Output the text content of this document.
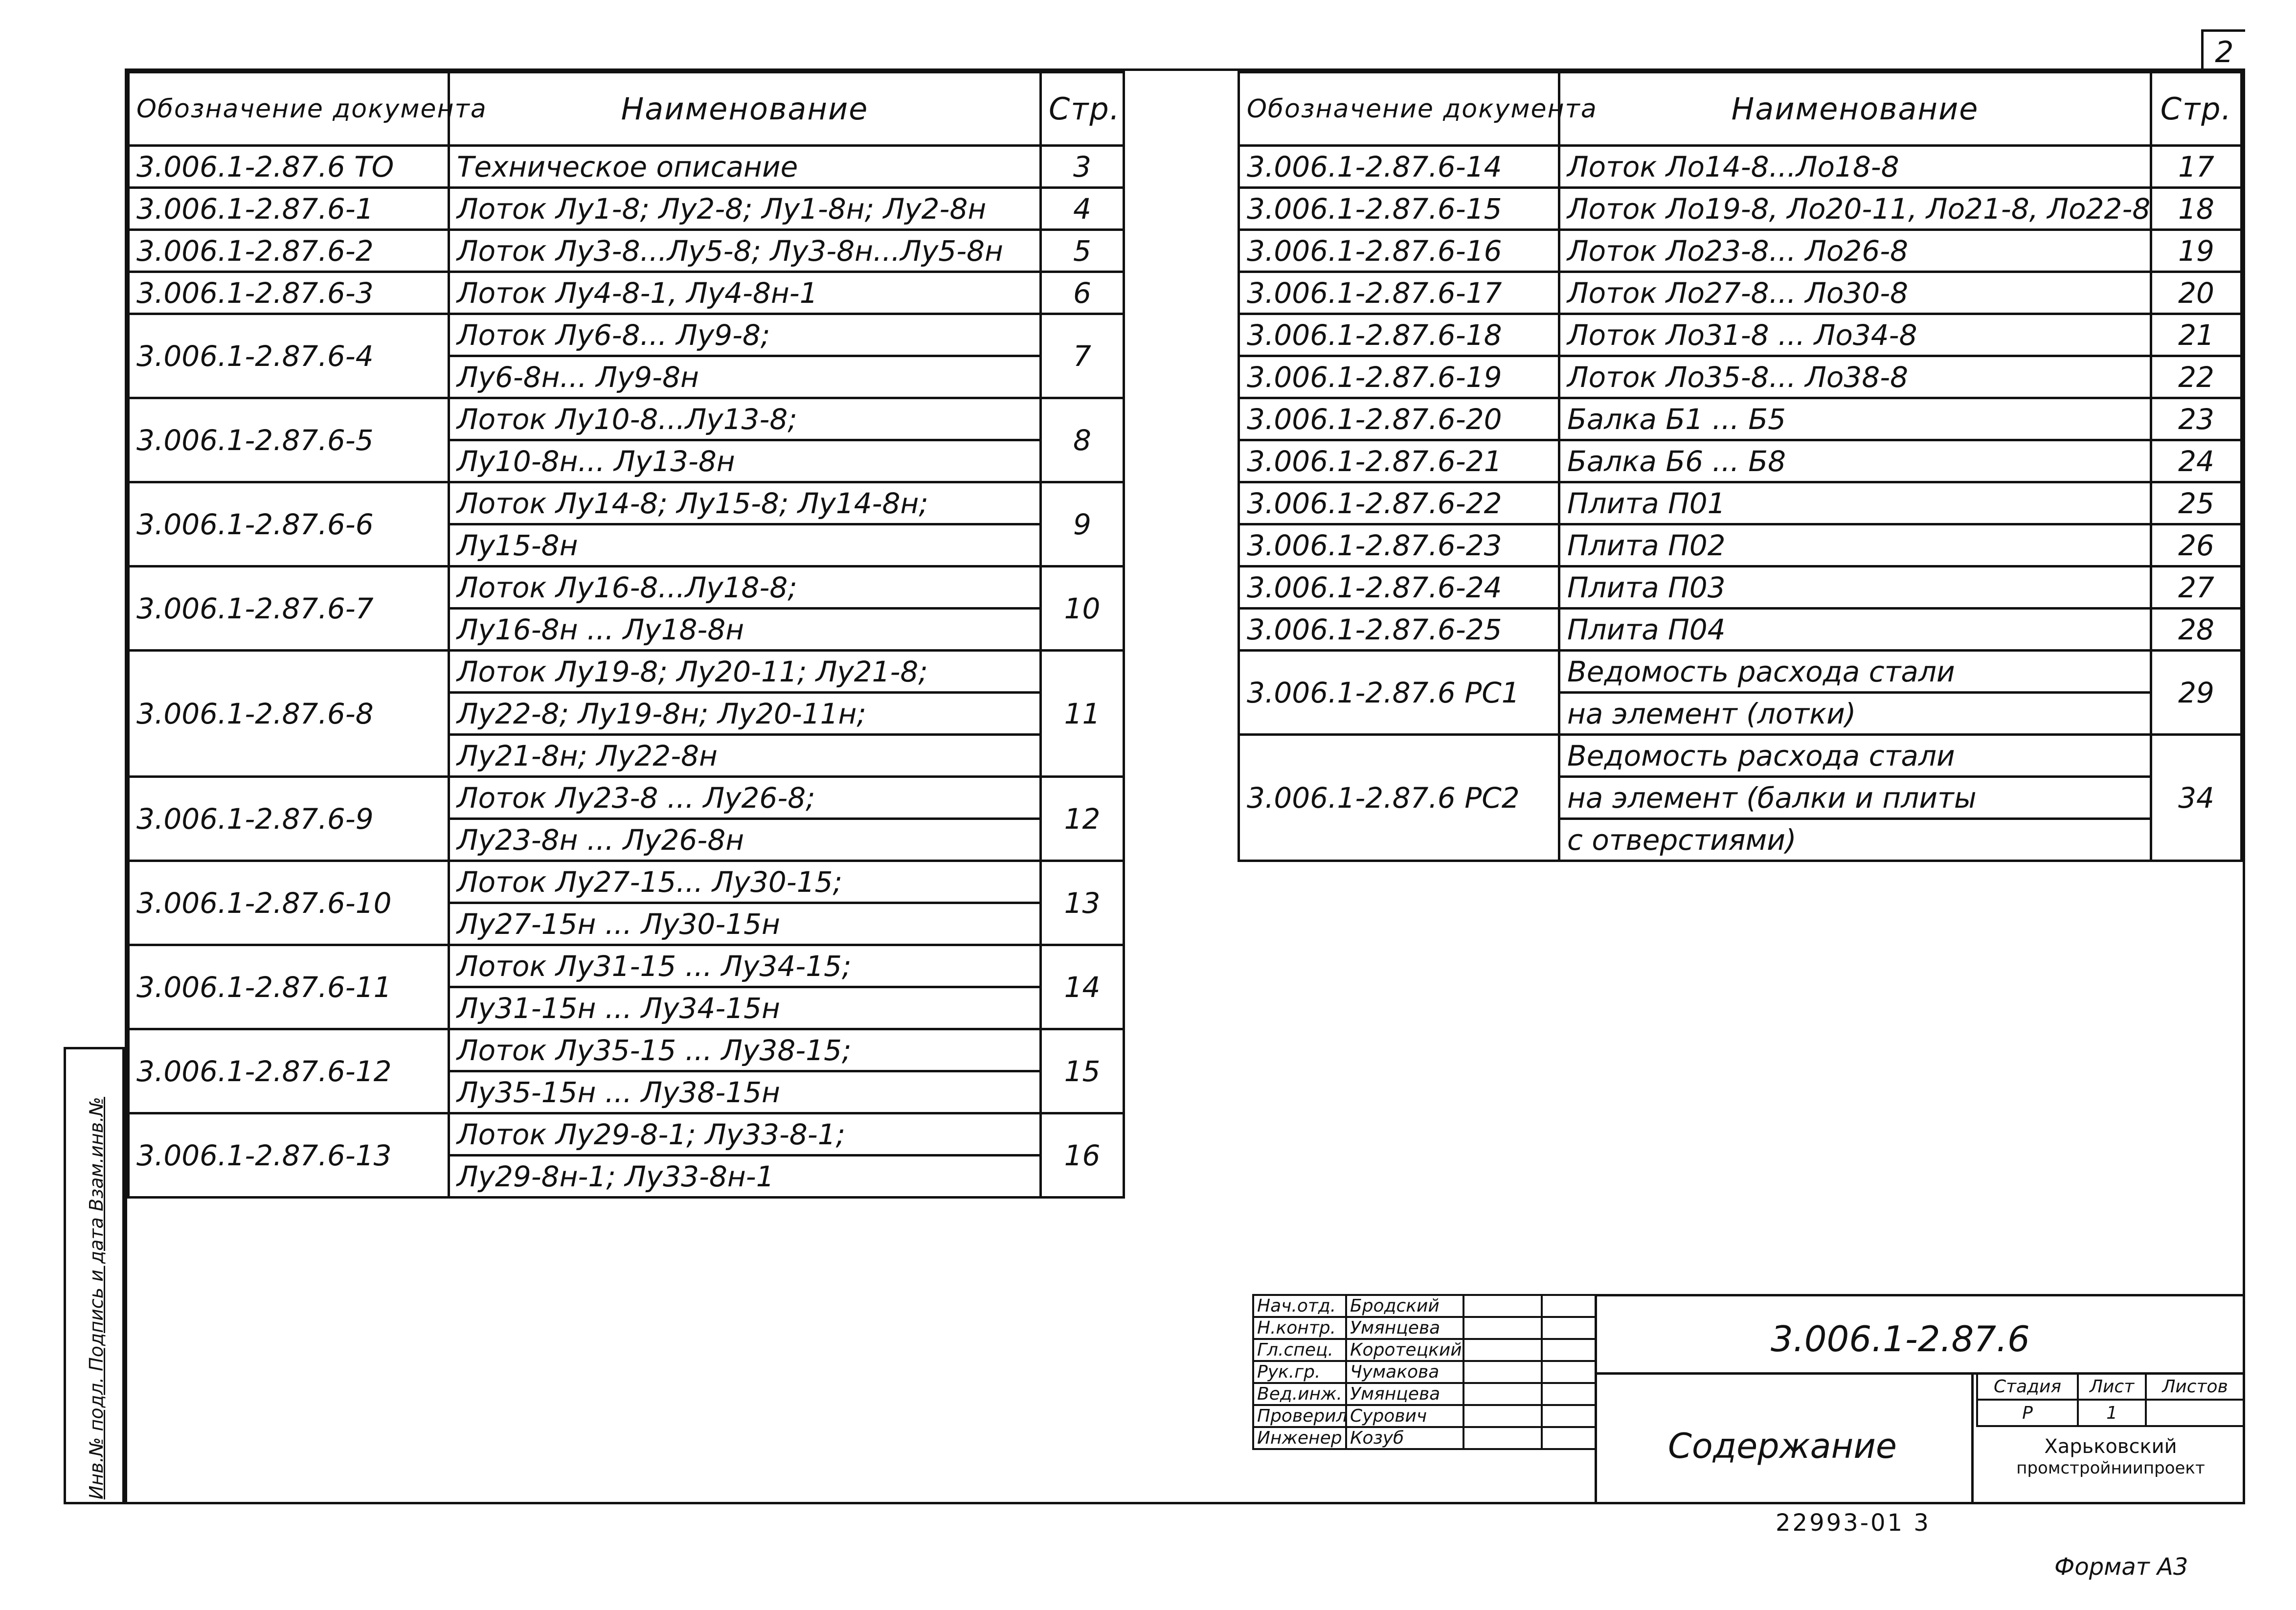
2
Обозначение документа	Наименование	Стр.
3.006.1-2.87.6 ТО	Техническое описание	3
3.006.1-2.87.6-1	Лоток Лу1-8; Лу2-8; Лу1-8н; Лу2-8н	4
3.006.1-2.87.6-2	Лоток Лу3-8...Лу5-8; Лу3-8н...Лу5-8н	5
3.006.1-2.87.6-3	Лоток Лу4-8-1, Лу4-8н-1	6
3.006.1-2.87.6-4	Лоток Лу6-8... Лу9-8;	7
	Лу6-8н... Лу9-8н	
3.006.1-2.87.6-5	Лоток Лу10-8...Лу13-8;	8
	Лу10-8н... Лу13-8н	
3.006.1-2.87.6-6	Лоток Лу14-8; Лу15-8; Лу14-8н;	9
	Лу15-8н	
3.006.1-2.87.6-7	Лоток Лу16-8...Лу18-8;	10
	Лу16-8н ... Лу18-8н	
3.006.1-2.87.6-8	Лоток Лу19-8; Лу20-11; Лу21-8;	11
	Лу22-8; Лу19-8н; Лу20-11н;	
	Лу21-8н; Лу22-8н	
3.006.1-2.87.6-9	Лоток Лу23-8 ... Лу26-8;	12
	Лу23-8н ... Лу26-8н	
3.006.1-2.87.6-10	Лоток Лу27-15... Лу30-15;	13
	Лу27-15н ... Лу30-15н	
3.006.1-2.87.6-11	Лоток Лу31-15 ... Лу34-15;	14
	Лу31-15н ... Лу34-15н	
3.006.1-2.87.6-12	Лоток Лу35-15 ... Лу38-15;	15
	Лу35-15н ... Лу38-15н	
3.006.1-2.87.6-13	Лоток Лу29-8-1; Лу33-8-1;	16
	Лу29-8н-1; Лу33-8н-1	
Обозначение документа	Наименование	Стр.
3.006.1-2.87.6-14	Лоток Ло14-8...Ло18-8	17
3.006.1-2.87.6-15	Лоток Ло19-8, Ло20-11, Ло21-8, Ло22-8	18
3.006.1-2.87.6-16	Лоток Ло23-8... Ло26-8	19
3.006.1-2.87.6-17	Лоток Ло27-8... Ло30-8	20
3.006.1-2.87.6-18	Лоток Ло31-8 ... Ло34-8	21
3.006.1-2.87.6-19	Лоток Ло35-8... Ло38-8	22
3.006.1-2.87.6-20	Балка Б1 ... Б5	23
3.006.1-2.87.6-21	Балка Б6 ... Б8	24
3.006.1-2.87.6-22	Плита П01	25
3.006.1-2.87.6-23	Плита П02	26
3.006.1-2.87.6-24	Плита П03	27
3.006.1-2.87.6-25	Плита П04	28
3.006.1-2.87.6 РС1	Ведомость расхода стали	29
	на элемент (лотки)	
3.006.1-2.87.6 РС2	Ведомость расхода стали	34
	на элемент (балки и плиты	
	с отверстиями)	
Инв.№ подл. Подпись и дата Взам.инв.№	Нач.отд.	Бродский		
Н.контр.	Умянцева		
Гл.спец.	Коротецкий		
Рук.гр.	Чумакова		
Вед.инж.	Умянцева		
Проверил	Сурович		
Инженер	Козуб		
3.006.1-2.87.6
Содержание
Стадия	Лист	Листов
Р	1	
Харьковский
промстройниипроект
22993-01 3
Формат А3
